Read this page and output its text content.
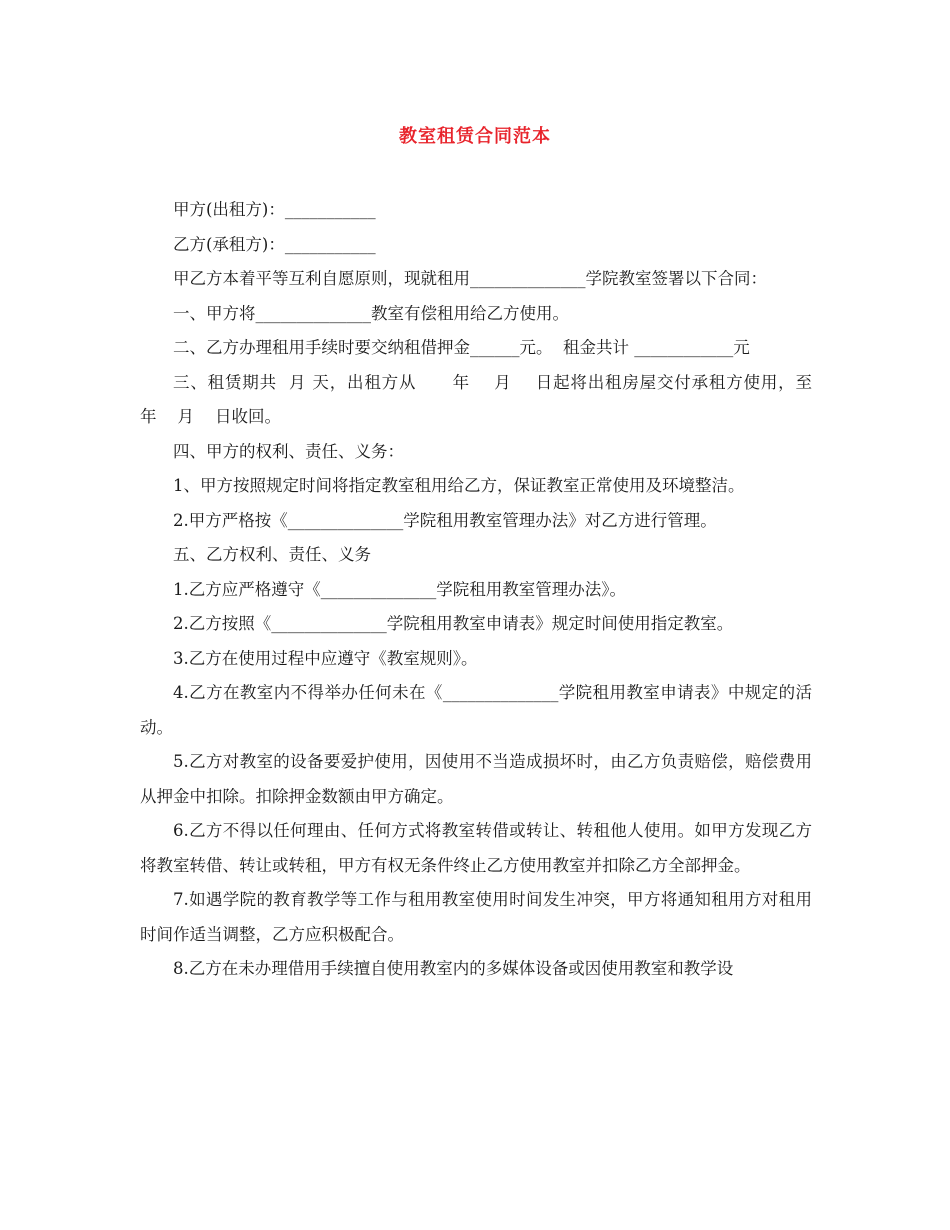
教室租赁合同范本

甲方(出租方)：___________

乙方(承租方)：___________

甲乙方本着平等互利自愿原则，现就租用______________学院教室签署以下合同：

一、甲方将______________教室有偿租用给乙方使用。

二、乙方办理租用手续时要交纳租借押金______元。  租金共计 ____________元

三、租赁期共  月 天，出租方从      年    月    日起将出租房屋交付承租方使用，至      年    月    日收回。

四、甲方的权利、责任、义务：

1、甲方按照规定时间将指定教室租用给乙方，保证教室正常使用及环境整洁。

2.甲方严格按《______________学院租用教室管理办法》对乙方进行管理。

五、乙方权利、责任、义务

1.乙方应严格遵守《______________学院租用教室管理办法》。

2.乙方按照《______________学院租用教室申请表》规定时间使用指定教室。

3.乙方在使用过程中应遵守《教室规则》。

4.乙方在教室内不得举办任何未在《______________学院租用教室申请表》中规定的活动。

5.乙方对教室的设备要爱护使用，因使用不当造成损坏时，由乙方负责赔偿，赔偿费用从押金中扣除。扣除押金数额由甲方确定。

6.乙方不得以任何理由、任何方式将教室转借或转让、转租他人使用。如甲方发现乙方将教室转借、转让或转租，甲方有权无条件终止乙方使用教室并扣除乙方全部押金。

7.如遇学院的教育教学等工作与租用教室使用时间发生冲突，甲方将通知租用方对租用时间作适当调整，乙方应积极配合。

8.乙方在未办理借用手续擅自使用教室内的多媒体设备或因使用教室和教学设
